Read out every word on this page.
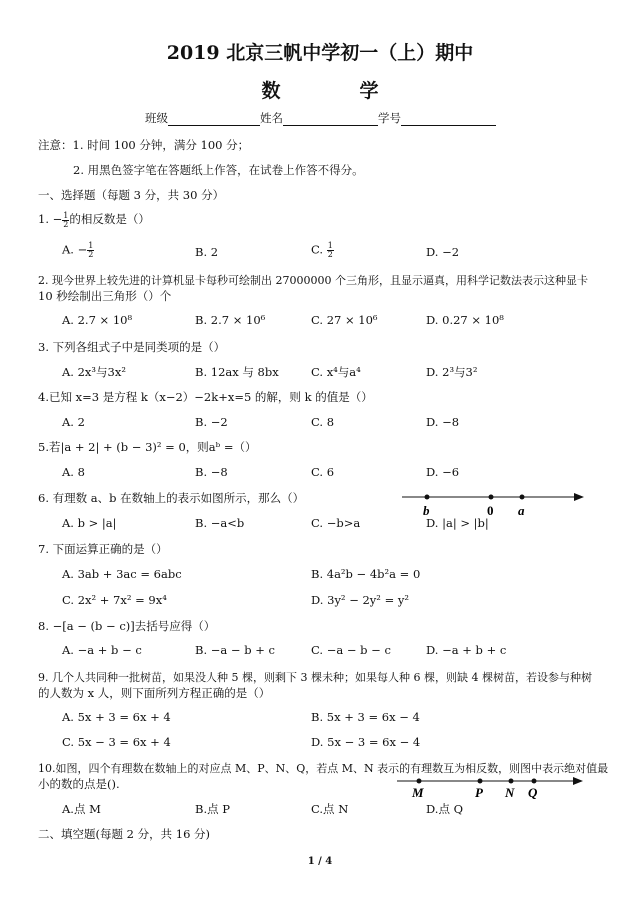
2019 北京三帆中学初一（上）期中
数　学
班级	姓名	学号
注意：1. 时间 100 分钟，满分 100 分；
2. 用黑色签字笔在答题纸上作答，在试卷上作答不得分。
一、选择题（每题 3 分，共 30 分）
1. − $\frac{1}{2}$ 的相反数是（）
A. − $\frac{1}{2}$	B. 2	C. $\frac{1}{2}$	D. −2
2. 现今世界上较先进的计算机显卡每秒可绘制出 27000000 个三角形，且显示逼真，用科学记数法表示这种显卡
10 秒绘制出三角形（）个
A. 2.7 × 10⁸	B. 2.7 × 10⁶	C. 27 × 10⁶	D. 0.27 × 10⁸
3. 下列各组式子中是同类项的是（）
A. 2x³与3x²	B. 12ax 与 8bx	C. x⁴与a⁴	D. 2³与3²
4.已知 x=3 是方程 k（x−2）−2k+x=5 的解，则 k 的值是（）
A. 2	B. −2	C. 8	D. −8
5.若|a + 2| + (b − 3)² = 0，则aᵇ =（）
A. 8	B. −8	C. 6	D. −6
6. 有理数 a、b 在数轴上的表示如图所示，那么（）
b	0 a
A. b > |a|	B. −a<b	C. −b>a	D. |a| > |b|
7. 下面运算正确的是（）
A. 3ab + 3ac = 6abc	B. 4a²b − 4b²a = 0
C. 2x² + 7x² = 9x⁴	D. 3y² − 2y² = y²
8. −[a − (b − c)]去括号应得（）
A. −a + b − c	B. −a − b + c	C. −a − b − c	D. −a + b + c
9. 几个人共同种一批树苗，如果没人种 5 棵，则剩下 3 棵未种；如果每人种 6 棵，则缺 4 棵树苗，若设参与种树
的人数为 x 人，则下面所列方程正确的是（）
A. 5x + 3 = 6x + 4	B. 5x + 3 = 6x − 4
C. 5x − 3 = 6x + 4	D. 5x − 3 = 6x − 4
10.如图，四个有理数在数轴上的对应点 M、P、N、Q，若点 M、N 表示的有理数互为相反数，则图中表示绝对值最
小的数的点是().
M	P N Q
A.点 M	B.点 P	C.点 N	D.点 Q
二、填空题(每题 2 分，共 16 分)
1 / 4
